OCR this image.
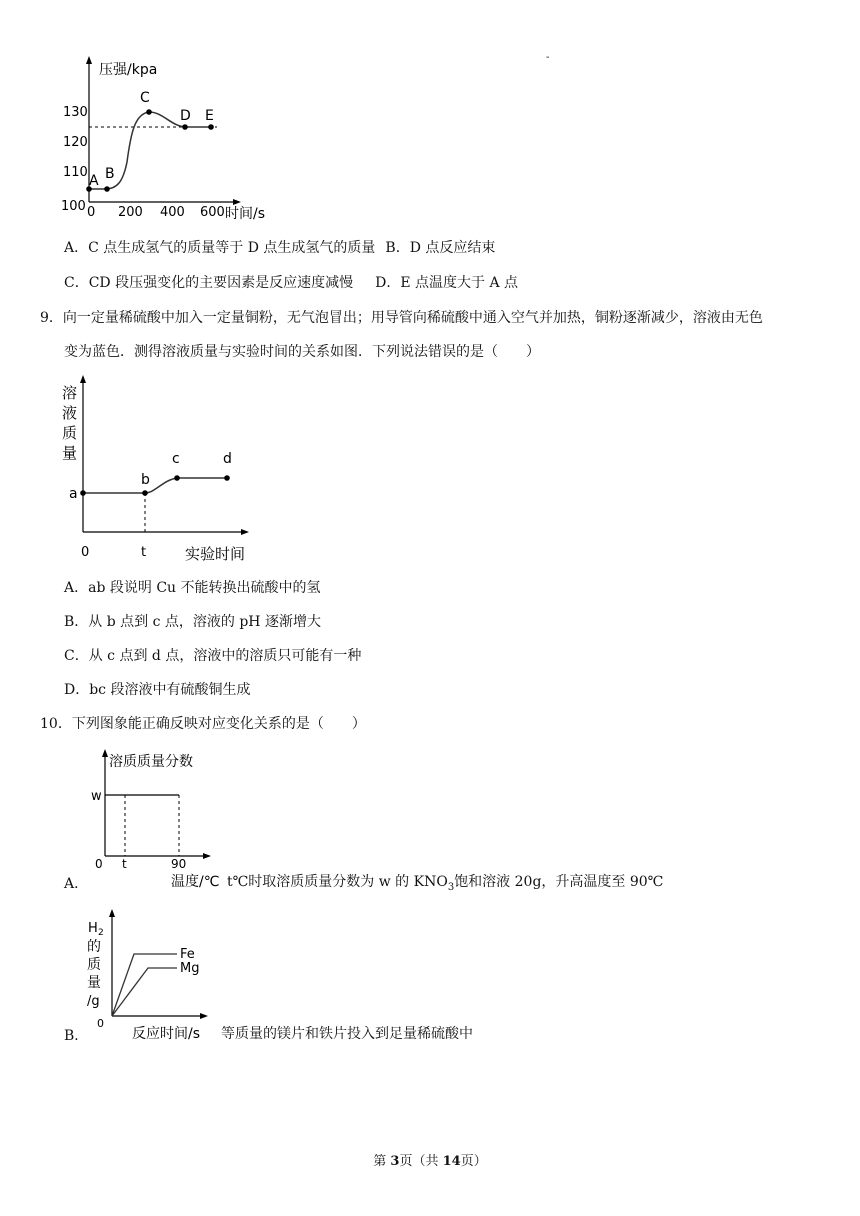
-
压强/kpa
时间/s
130
120
110
100 0 200 400 600
A B
C
D E
A．C 点生成氢气的质量等于 D 点生成氢气的质量 B．D 点反应结束
C．CD 段压强变化的主要因素是反应速度减慢 D．E 点温度大于 A 点
9．向一定量稀硫酸中加入一定量铜粉，无气泡冒出；用导管向稀硫酸中通入空气并加热，铜粉逐渐减少，溶液由无色
变为蓝色．测得溶液质量与实验时间的关系如图．下列说法错误的是（　　）
溶
液
质
量
实验时间
0	t
a
b
c	d
A．ab 段说明 Cu 不能转换出硫酸中的氢
B．从 b 点到 c 点，溶液的 pH 逐渐增大
C．从 c 点到 d 点，溶液中的溶质只可能有一种
D．bc 段溶液中有硫酸铜生成
10．下列图象能正确反映对应变化关系的是（　　）
溶质质量分数
w
0 t	90
温度/℃
A．	t℃时取溶质质量分数为 w 的 $KNO_3$饱和溶液 20g，升高温度至 90℃
H 2
的
质
量
/g
0
反应时间/s
Fe
Mg
B．	等质量的镁片和铁片投入到足量稀硫酸中
第 3页（共 14页）
